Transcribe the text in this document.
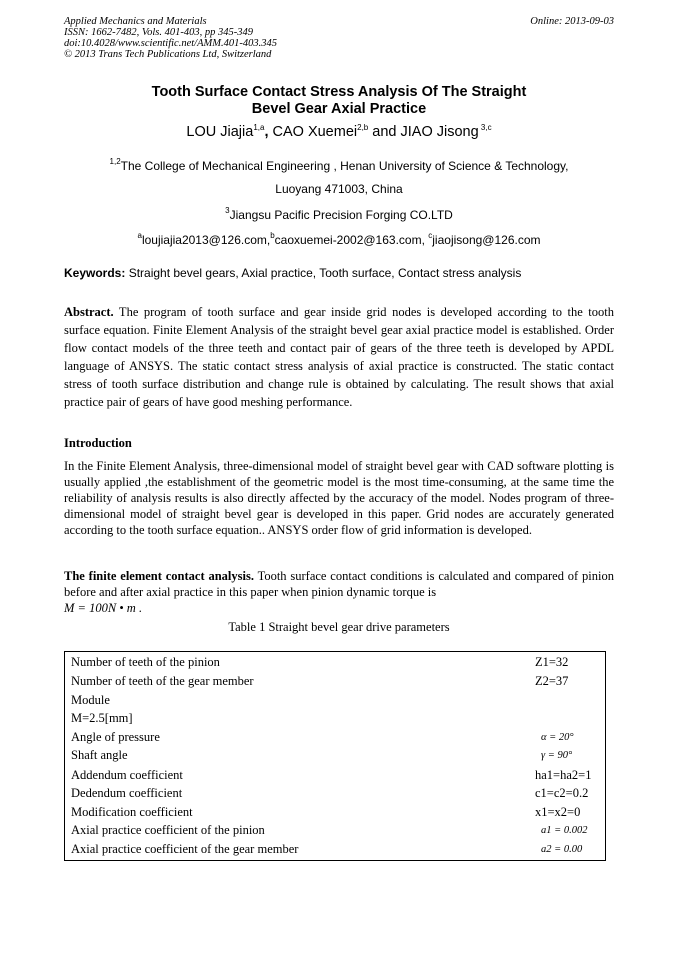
Applied Mechanics and Materials
ISSN: 1662-7482, Vols. 401-403, pp 345-349
doi:10.4028/www.scientific.net/AMM.401-403.345
© 2013 Trans Tech Publications Ltd, Switzerland
Online: 2013-09-03
Tooth Surface Contact Stress Analysis Of The Straight
Bevel Gear Axial Practice
LOU Jiajia$^{1,a}$, CAO Xuemei$^{2,b}$ and JIAO Jisong $^{3,c}$
$^{1,2}$The College of Mechanical Engineering , Henan University of Science & Technology,
Luoyang 471003, China
$^3$Jiangsu Pacific Precision Forging CO.LTD
$^a$loujiajia2013@126.com,$^b$caoxuemei-2002@163.com, $^c$jiaojisong@126.com
Keywords: Straight bevel gears, Axial practice, Tooth surface, Contact stress analysis
Abstract. The program of tooth surface and gear inside grid nodes is developed according to the tooth surface equation. Finite Element Analysis of the straight bevel gear axial practice model is established. Order flow contact models of the three teeth and contact pair of gears of the three teeth is developed by APDL language of ANSYS. The static contact stress analysis of axial practice is constructed. The static contact stress of tooth surface distribution and change rule is obtained by calculating. The result shows that axial practice pair of gears of have good meshing performance.
Introduction
In the Finite Element Analysis, three-dimensional model of straight bevel gear with CAD software plotting is usually applied ,the establishment of the geometric model is the most time-consuming, at the same time the reliability of analysis results is also directly affected by the accuracy of the model. Nodes program of three-dimensional model of straight bevel gear is developed in this paper. Grid nodes are accurately generated according to the tooth surface equation.. ANSYS order flow of grid information is developed.
The finite element contact analysis. Tooth surface contact conditions is calculated and compared of pinion before and after axial practice in this paper when pinion dynamic torque is
M = 100N • m .
Table 1 Straight bevel gear drive parameters
Number of teeth of the pinion	Z1=32
Number of teeth of the gear member	Z2=37
Module
M=2.5[mm]
Angle of pressure	α = 20°
Shaft angle	γ = 90°
Addendum coefficient	ha1=ha2=1
Dedendum coefficient	c1=c2=0.2
Modification coefficient	x1=x2=0
Axial practice coefficient of the pinion	a1 = 0.002
Axial practice coefficient of the gear member	a2 = 0.00
